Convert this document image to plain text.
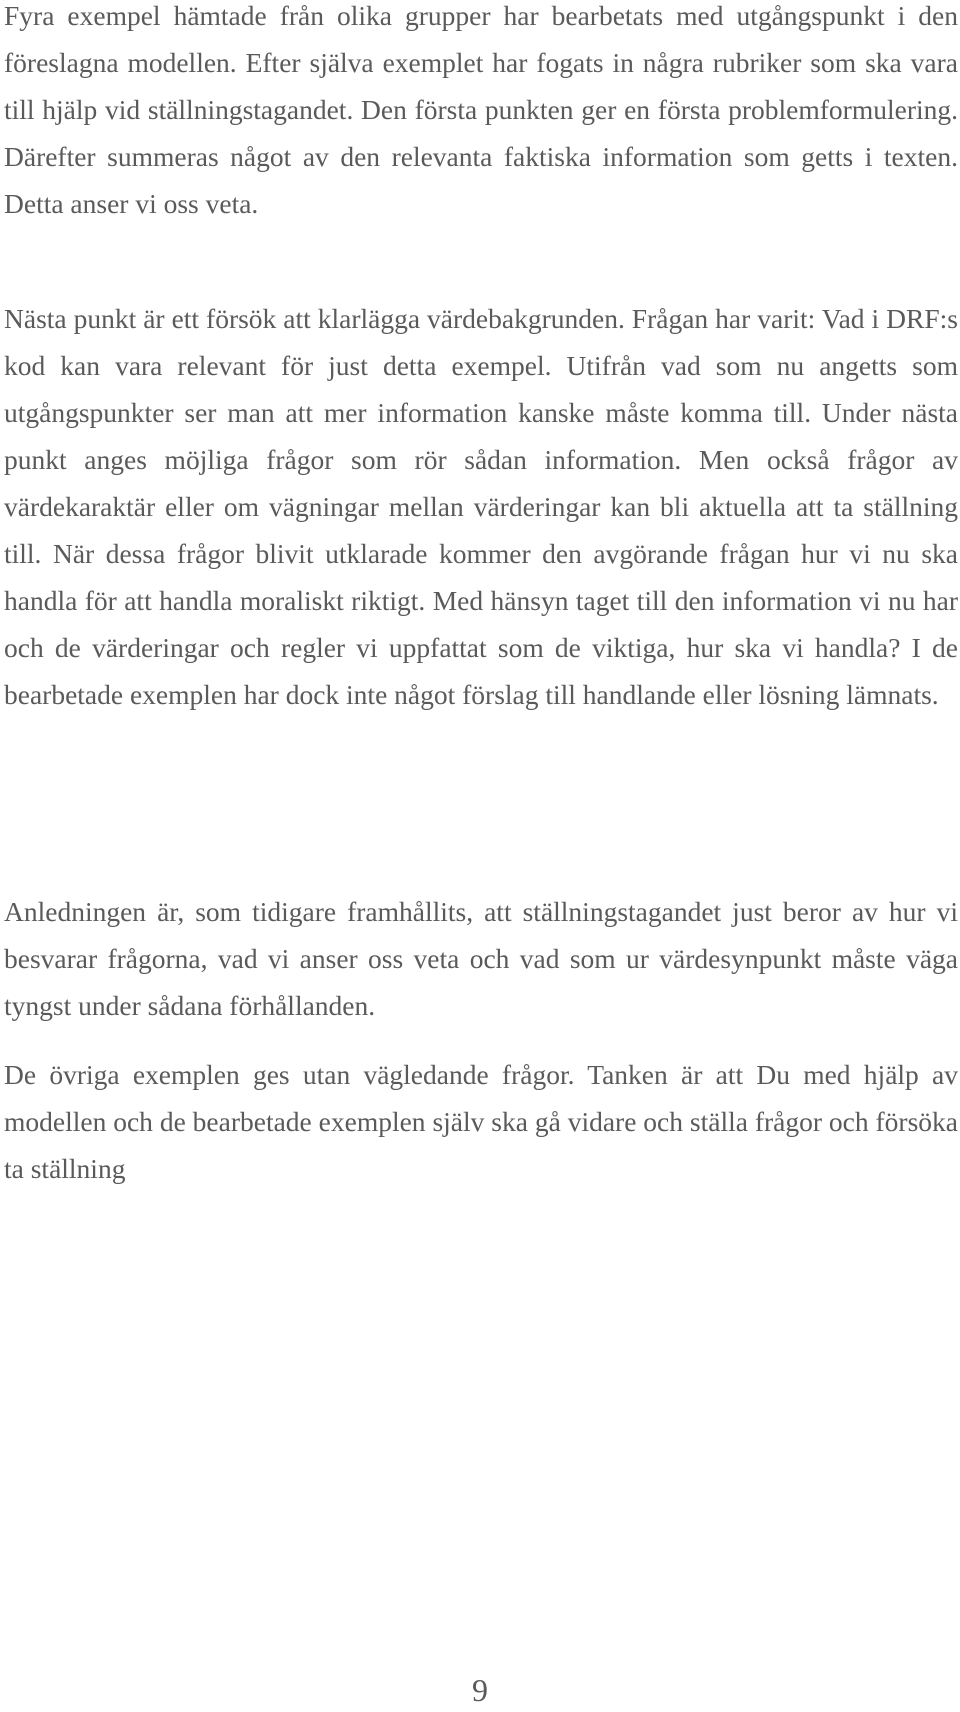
Fyra exempel hämtade från olika grupper har bearbetats med utgångspunkt i den föreslagna modellen. Efter själva exemplet har fogats in några rubriker som ska vara till hjälp vid ställningstagandet. Den första punkten ger en första problemformulering. Därefter summeras något av den relevanta faktiska information som getts i texten. Detta anser vi oss veta.

Nästa punkt är ett försök att klarlägga värdebakgrunden. Frågan har varit: Vad i DRF:s kod kan vara relevant för just detta exempel. Utifrån vad som nu angetts som utgångspunkter ser man att mer information kanske måste komma till. Under nästa punkt anges möjliga frågor som rör sådan information. Men också frågor av värdekaraktär eller om vägningar mellan värderingar kan bli aktuella att ta ställning till. När dessa frågor blivit utklarade kommer den avgörande frågan hur vi nu ska handla för att handla moraliskt riktigt. Med hänsyn taget till den information vi nu har och de värderingar och regler vi uppfattat som de viktiga, hur ska vi handla? I de bearbetade exemplen har dock inte något förslag till handlande eller lösning lämnats.

Anledningen är, som tidigare framhållits, att ställningstagandet just beror av hur vi besvarar frågorna, vad vi anser oss veta och vad som ur värdesynpunkt måste väga tyngst under sådana förhållanden.

De övriga exemplen ges utan vägledande frågor. Tanken är att Du med hjälp av modellen och de bearbetade exemplen själv ska gå vidare och ställa frågor och försöka ta ställning

9
